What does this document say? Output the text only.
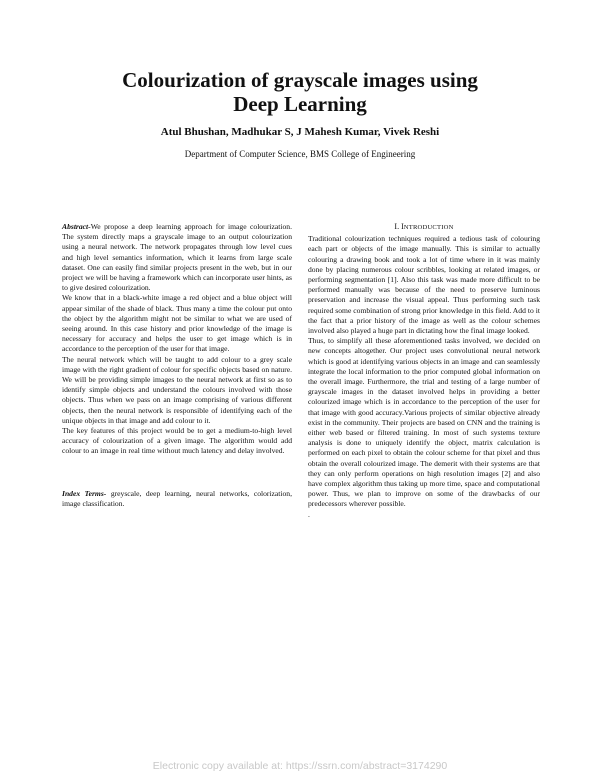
Colourization of grayscale images using
Deep Learning
Atul Bhushan, Madhukar S, J Mahesh Kumar, Vivek Reshi
Department of Computer Science, BMS College of Engineering

Abstract-We propose a deep learning approach for image colourization. The system directly maps a grayscale image to an output colourization using a neural network. The network propagates through low level cues and high level semantics information, which it learns from large scale dataset. One can easily find similar projects present in the web, but in our project we will be having a framework which can incorporate user hints, as to give desired colourization.

We know that in a black-white image a red object and a blue object will appear similar of the shade of black. Thus many a time the colour put onto the object by the algorithm might not be similar to what we are used of seeing around. In this case history and prior knowledge of the image is necessary for accuracy and helps the user to get image which is in accordance to the perception of the user for that image.

The neural network which will be taught to add colour to a grey scale image with the right gradient of colour for specific objects based on nature. We will be providing simple images to the neural network at first so as to identify simple objects and understand the colours involved with those objects. Thus when we pass on an image comprising of various different objects, then the neural network is responsible of identifying each of the unique objects in that image and add colour to it.

The key features of this project would be to get a medium-to-high level accuracy of colourization of a given image. The algorithm would add colour to an image in real time without much latency and delay involved.

Index Terms- greyscale, deep learning, neural networks, colorization, image classification.

I. INTRODUCTION

Traditional colourization techniques required a tedious task of colouring each part or objects of the image manually. This is similar to actually colouring a drawing book and took a lot of time where in it was mainly done by placing numerous colour scribbles, looking at related images, or performing segmentation [1]. Also this task was made more difficult to be performed manually was because of the need to preserve luminous preservation and increase the visual appeal. Thus performing such task required some combination of strong prior knowledge in this field. Add to it the fact that a prior history of the image as well as the colour schemes involved also played a huge part in dictating how the final image looked.

Thus, to simplify all these aforementioned tasks involved, we decided on new concepts altogether. Our project uses convolutional neural network which is good at identifying various objects in an image and can seamlessly integrate the local information to the prior computed global information on the overall image. Furthermore, the trial and testing of a large number of grayscale images in the dataset involved helps in providing a better colourized image which is in accordance to the perception of the user for that image with good accuracy.Various projects of similar objective already exist in the community. Their projects are based on CNN and the training is either web based or filtered training. In most of such systems texture analysis is done to uniquely identify the object, matrix calculation is performed on each pixel to obtain the colour scheme for that pixel and thus obtain the overall colourized image. The demerit with their systems are that they can only perform operations on high resolution images [2] and also have complex algorithm thus taking up more time, space and computational power. Thus, we plan to improve on some of the drawbacks of our predecessors wherever possible.

.

Electronic copy available at: https://ssrn.com/abstract=3174290
